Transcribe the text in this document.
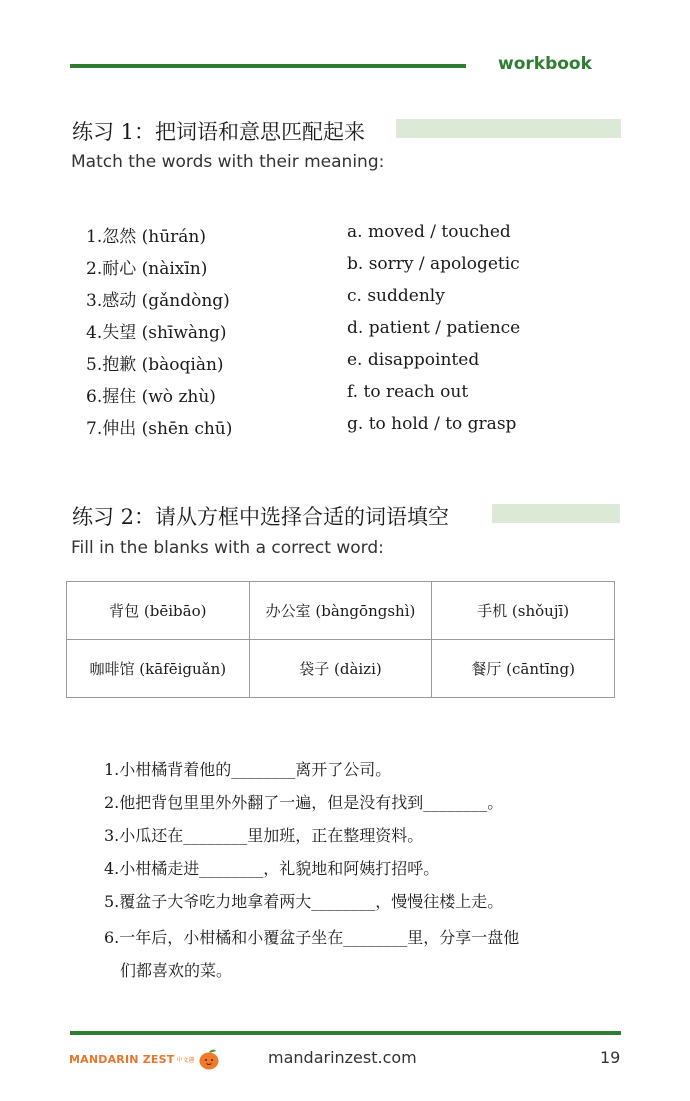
workbook
练习 1：把词语和意思匹配起来
Match the words with their meaning:
1.忽然 (hūrán)
2.耐心 (nàixīn)
3.感动 (gǎndòng)
4.失望 (shīwàng)
5.抱歉 (bàoqiàn)
6.握住 (wò zhù)
7.伸出 (shēn chū)
a. moved / touched
b. sorry / apologetic
c. suddenly
d. patient / patience
e. disappointed
f. to reach out
g. to hold / to grasp
练习 2：请从方框中选择合适的词语填空
Fill in the blanks with a correct word:
背包 (bēibāo)	办公室 (bàngōngshì)	手机 (shǒujī)
咖啡馆 (kāfēiguǎn)	袋子 (dàizi)	餐厅 (cāntīng)
1.小柑橘背着他的________离开了公司。
2.他把背包里里外外翻了一遍，但是没有找到________。
3.小瓜还在________里加班，正在整理资料。
4.小柑橘走进________，礼貌地和阿姨打招呼。
5.覆盆子大爷吃力地拿着两大________，慢慢往楼上走。
6.一年后，小柑橘和小覆盆子坐在________里，分享一盘他
们都喜欢的菜。
MANDARIN ZEST 中文趣	mandarinzest.com	19
